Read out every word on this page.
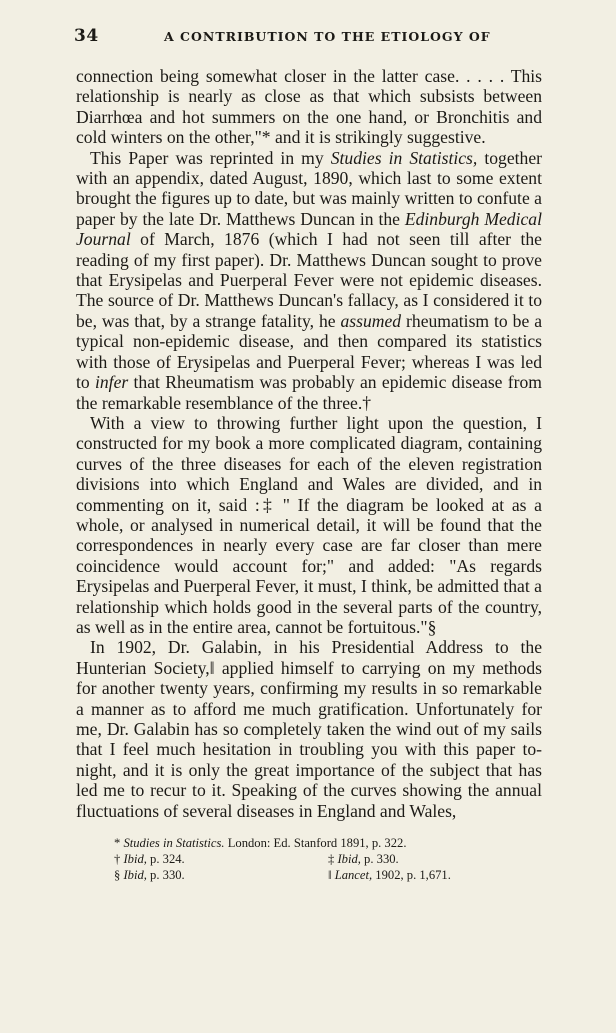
34	A CONTRIBUTION TO THE ETIOLOGY OF

connection being somewhat closer in the latter case. . . . . This relationship is nearly as close as that which subsists between Diarrhœa and hot summers on the one hand, or Bronchitis and cold winters on the other,"* and it is strikingly suggestive.

This Paper was reprinted in my Studies in Statistics, together with an appendix, dated August, 1890, which last to some extent brought the figures up to date, but was mainly written to confute a paper by the late Dr. Matthews Duncan in the Edinburgh Medical Journal of March, 1876 (which I had not seen till after the reading of my first paper). Dr. Matthews Duncan sought to prove that Erysipelas and Puerperal Fever were not epidemic diseases. The source of Dr. Matthews Duncan's fallacy, as I considered it to be, was that, by a strange fatality, he assumed rheumatism to be a typical non-epidemic disease, and then compared its statistics with those of Erysipelas and Puerperal Fever; whereas I was led to infer that Rheumatism was probably an epidemic disease from the remarkable resemblance of the three.†

With a view to throwing further light upon the question, I constructed for my book a more complicated diagram, containing curves of the three diseases for each of the eleven registration divisions into which England and Wales are divided, and in commenting on it, said :‡ " If the diagram be looked at as a whole, or analysed in numerical detail, it will be found that the correspondences in nearly every case are far closer than mere coincidence would account for;" and added: "As regards Erysipelas and Puerperal Fever, it must, I think, be admitted that a relationship which holds good in the several parts of the country, as well as in the entire area, cannot be fortuitous."§

In 1902, Dr. Galabin, in his Presidential Address to the Hunterian Society,‖ applied himself to carrying on my methods for another twenty years, confirming my results in so remarkable a manner as to afford me much gratification. Unfortunately for me, Dr. Galabin has so completely taken the wind out of my sails that I feel much hesitation in troubling you with this paper to-night, and it is only the great importance of the subject that has led me to recur to it. Speaking of the curves showing the annual fluctuations of several diseases in England and Wales,

* Studies in Statistics. London: Ed. Stanford 1891, p. 322.
† Ibid, p. 324.	‡ Ibid, p. 330.
§ Ibid, p. 330.	‖ Lancet, 1902, p. 1,671.
